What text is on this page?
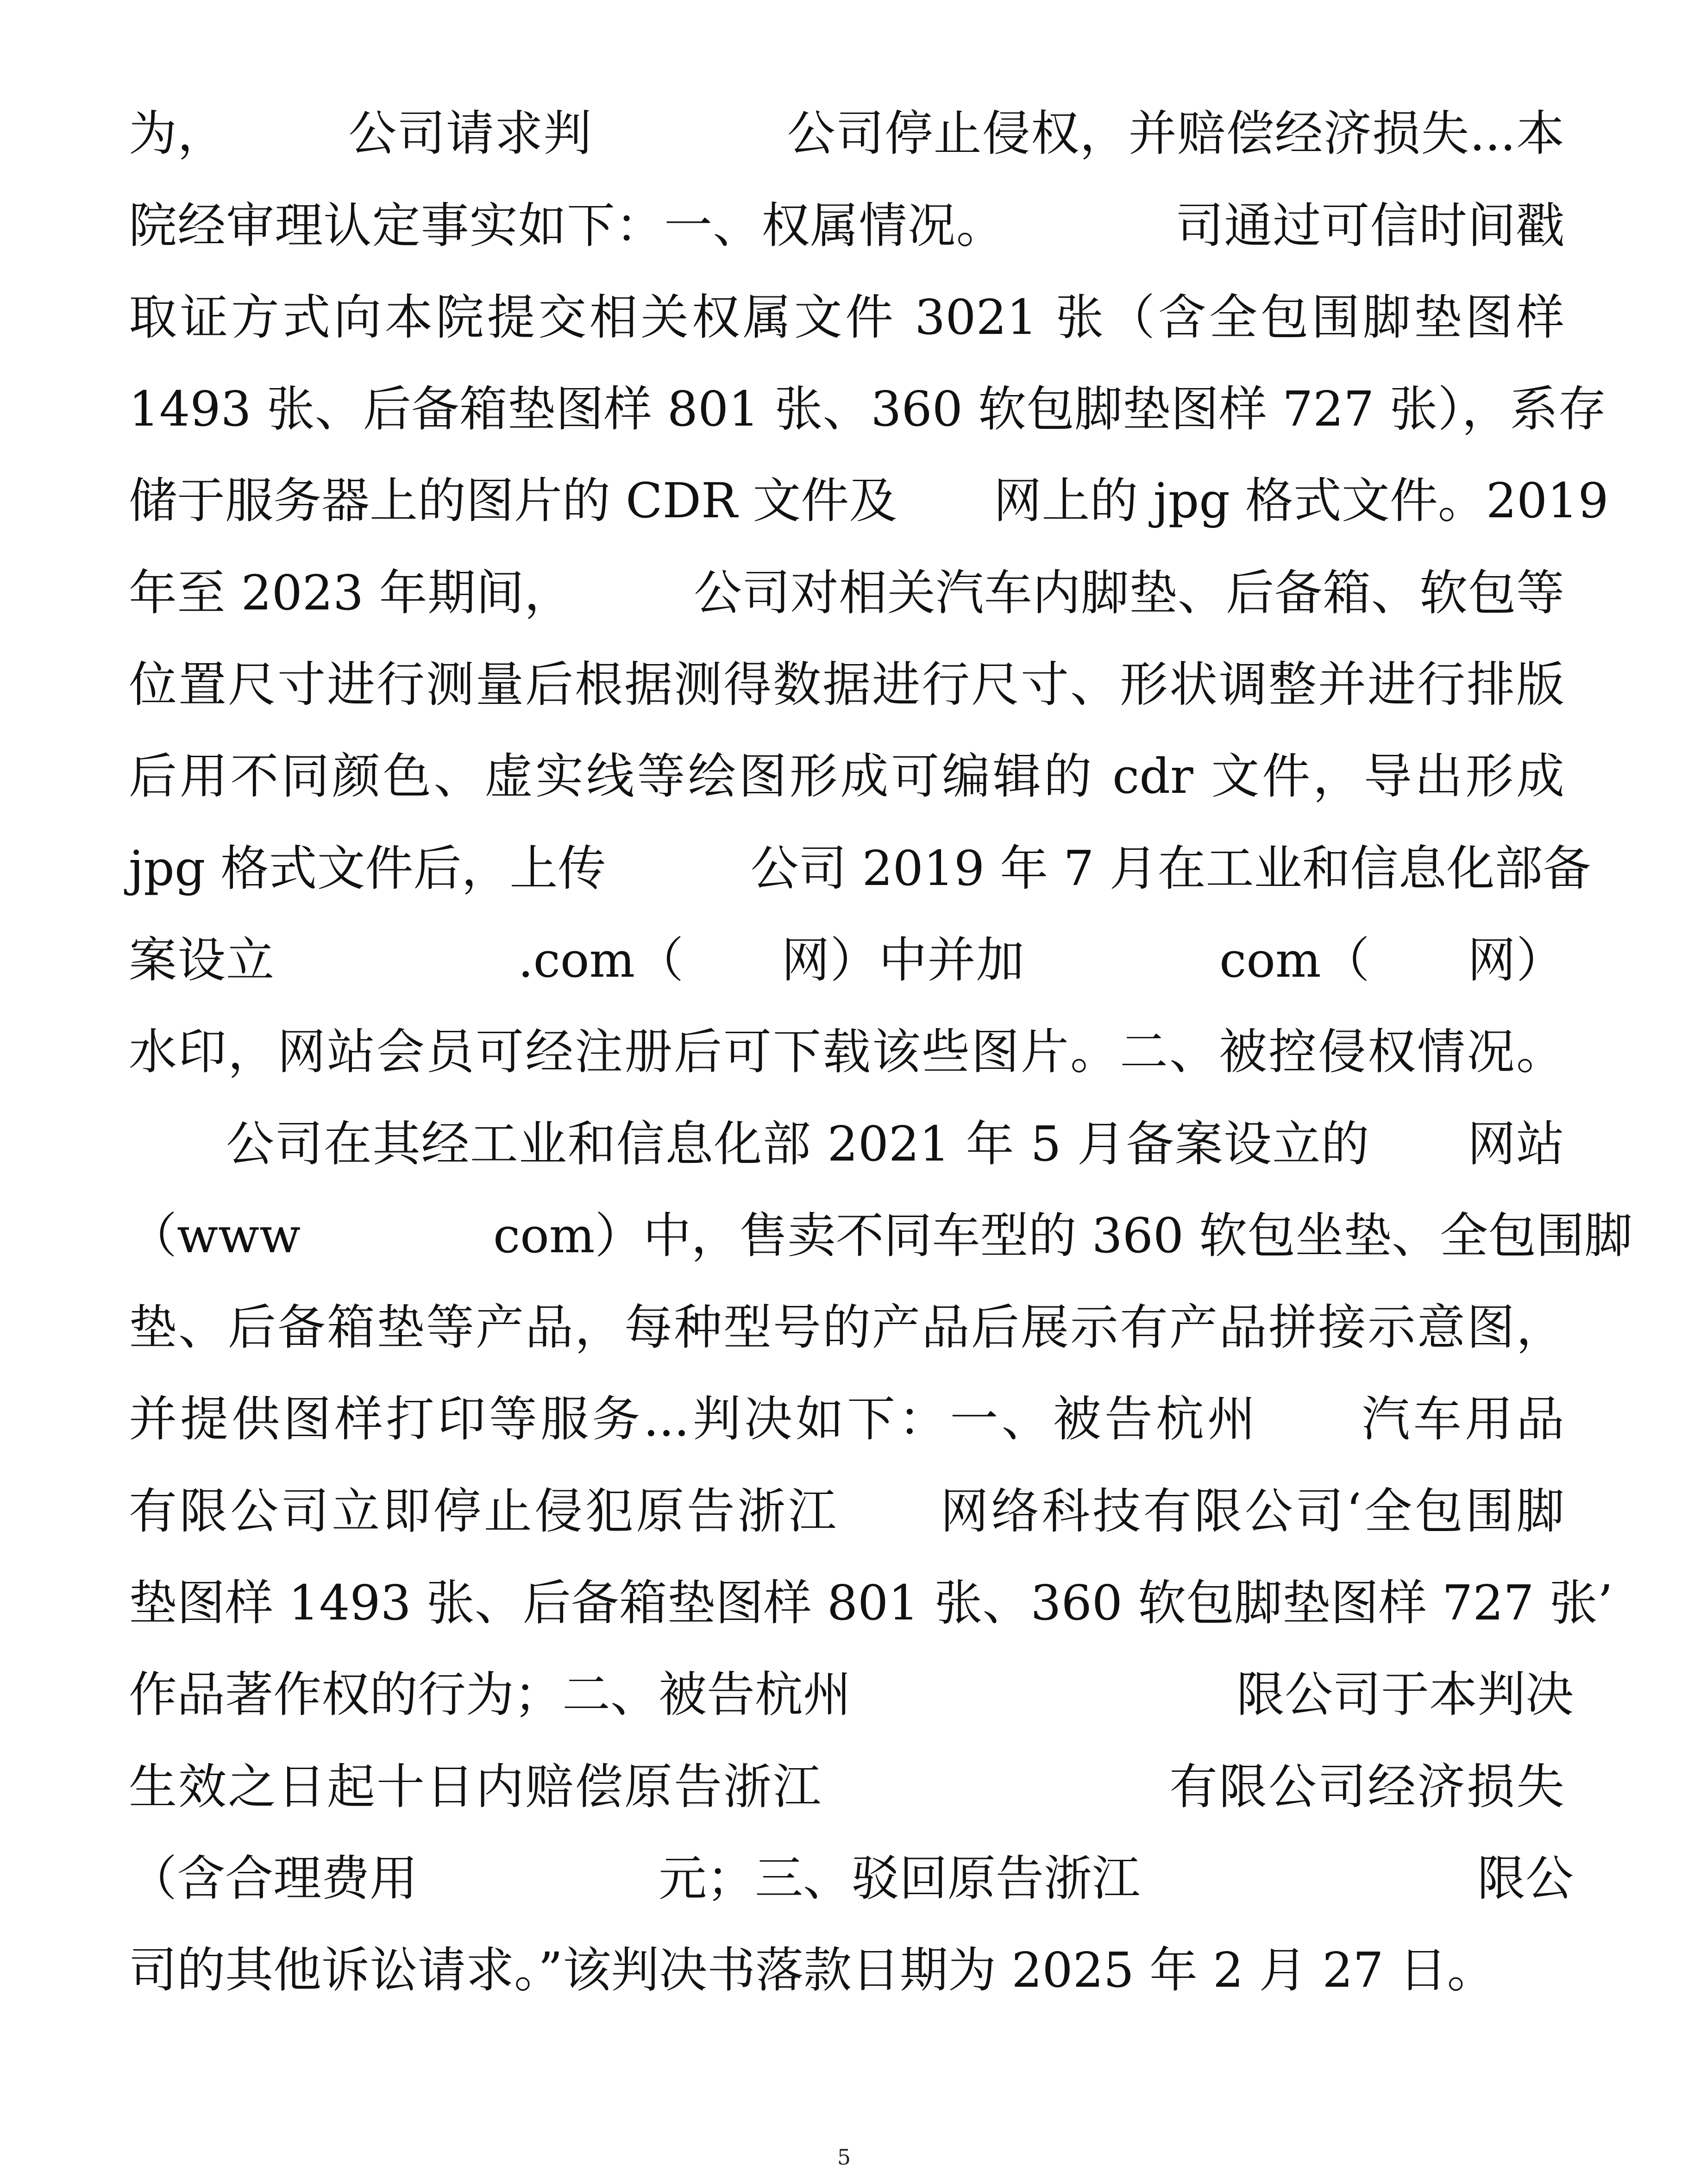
为，　　　公司请求判　　　　公司停止侵权，并赔偿经济损失...本
院经审理认定事实如下：一、权属情况。　　　　司通过可信时间戳
取证方式向本院提交相关权属文件 3021 张（含全包围脚垫图样
1493 张、后备箱垫图样 801 张、360 软包脚垫图样 727 张），系存
储于服务器上的图片的 CDR 文件及　　网上的 jpg 格式文件。2019
年至 2023 年期间，　　　公司对相关汽车内脚垫、后备箱、软包等
位置尺寸进行测量后根据测得数据进行尺寸、形状调整并进行排版
后用不同颜色、虚实线等绘图形成可编辑的 cdr 文件，导出形成
jpg 格式文件后，上传　　　公司 2019 年 7 月在工业和信息化部备
案设立　　　　　.com（　　网）中并加　　　　com（　　网）
水印，网站会员可经注册后可下载该些图片。二、被控侵权情况。
公司在其经工业和信息化部 2021 年 5 月备案设立的　　网站
（www　　　　com）中，售卖不同车型的 360 软包坐垫、全包围脚
垫、后备箱垫等产品，每种型号的产品后展示有产品拼接示意图，
并提供图样打印等服务...判决如下：一、被告杭州　　汽车用品
有限公司立即停止侵犯原告浙江　　网络科技有限公司‘全包围脚
垫图样 1493 张、后备箱垫图样 801 张、360 软包脚垫图样 727 张’
作品著作权的行为；二、被告杭州　　　　　　　　限公司于本判决
生效之日起十日内赔偿原告浙江　　　　　　　有限公司经济损失
（含合理费用　　　　　元；三、驳回原告浙江　　　　　　　限公
司的其他诉讼请求。”该判决书落款日期为 2025 年 2 月 27 日。
5
